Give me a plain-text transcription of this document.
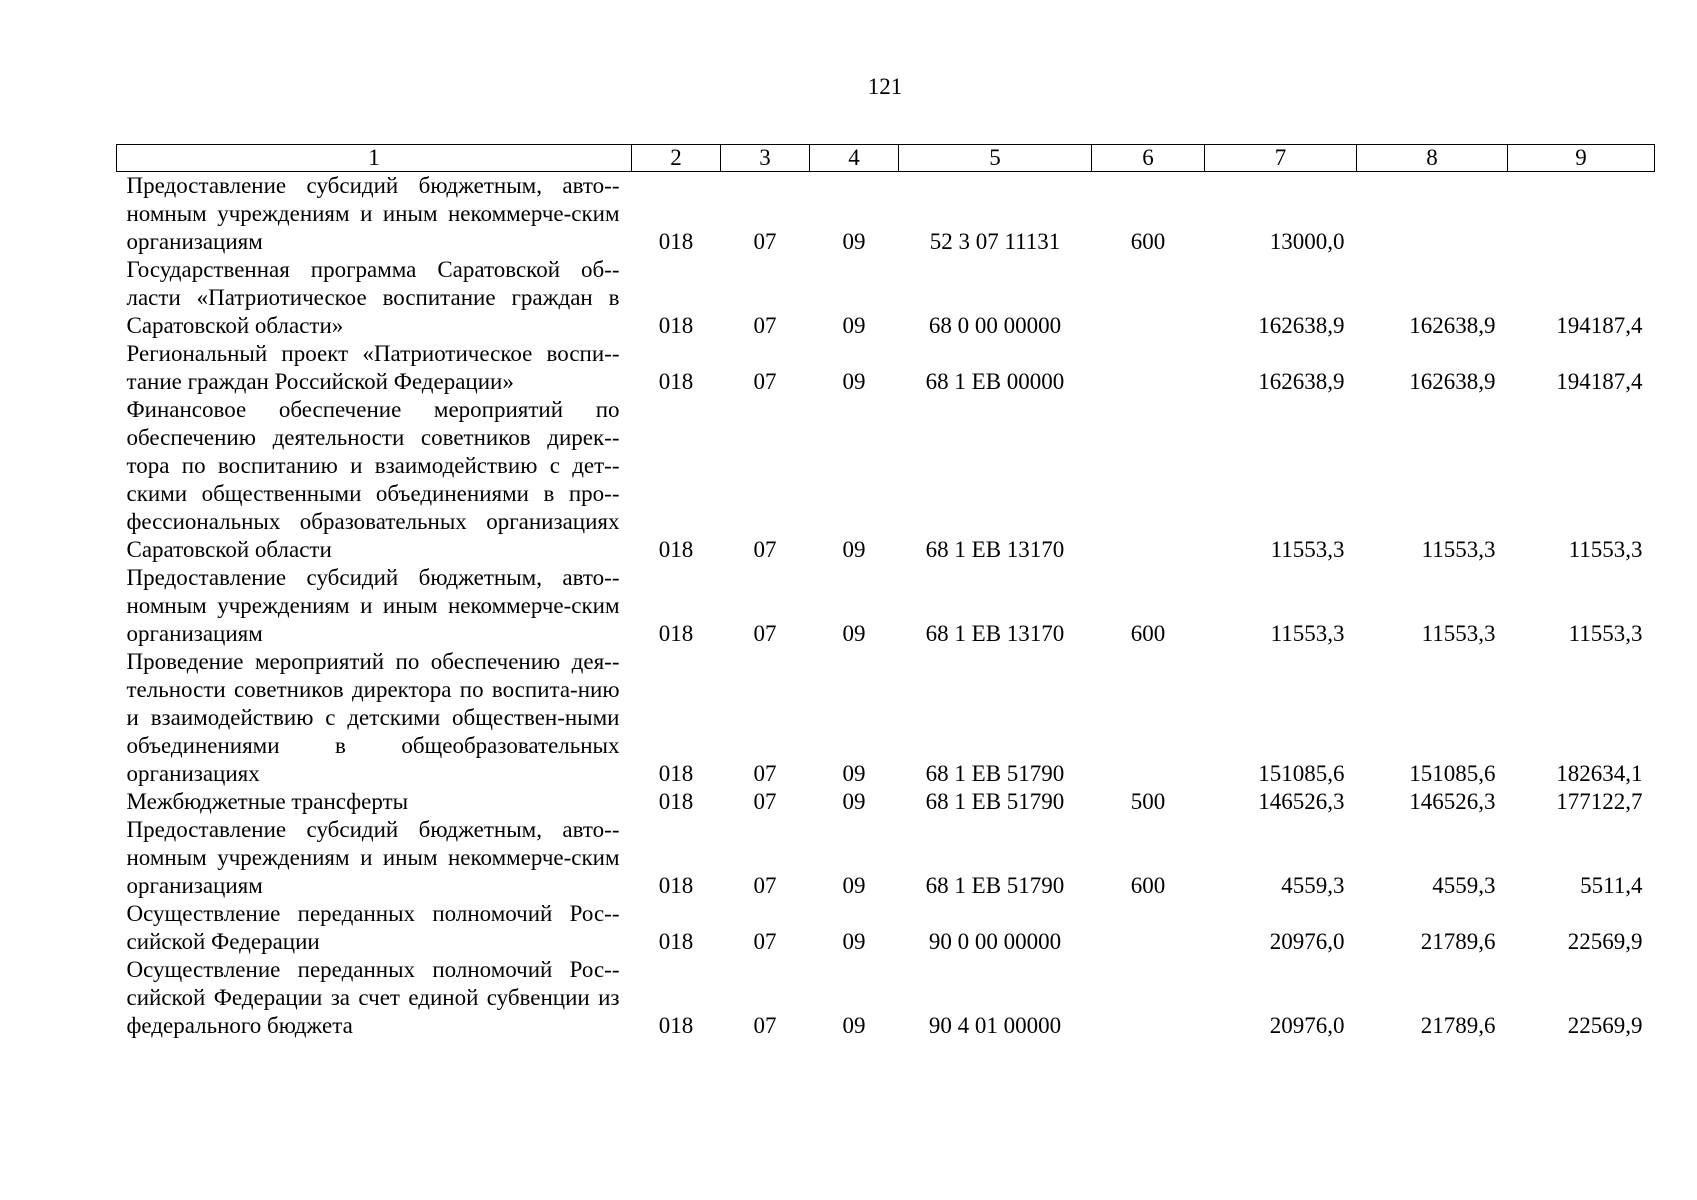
121
1	2	3	4	5	6	7	8	9
Предоставление субсидий бюджетным, авто-номным учреждениям и иным некоммерче-ским организациям	018	07	09	52 3 07 11131	600	13000,0		
Государственная программа Саратовской об-ласти «Патриотическое воспитание граждан в Саратовской области»	018	07	09	68 0 00 00000		162638,9	162638,9	194187,4
Региональный проект «Патриотическое воспи-тание граждан Российской Федерации»	018	07	09	68 1 EB 00000		162638,9	162638,9	194187,4
Финансовое обеспечение мероприятий по обеспечению деятельности советников дирек-тора по воспитанию и взаимодействию с дет-скими общественными объединениями в про-фессиональных образовательных организациях Саратовской области	018	07	09	68 1 EB 13170		11553,3	11553,3	11553,3
Предоставление субсидий бюджетным, авто-номным учреждениям и иным некоммерче-ским организациям	018	07	09	68 1 EB 13170	600	11553,3	11553,3	11553,3
Проведение мероприятий по обеспечению дея-тельности советников директора по воспита-нию и взаимодействию с детскими обществен-ными объединениями в общеобразовательных организациях	018	07	09	68 1 EB 51790		151085,6	151085,6	182634,1
Межбюджетные трансферты	018	07	09	68 1 EB 51790	500	146526,3	146526,3	177122,7
Предоставление субсидий бюджетным, авто-номным учреждениям и иным некоммерче-ским организациям	018	07	09	68 1 EB 51790	600	4559,3	4559,3	5511,4
Осуществление переданных полномочий Рос-сийской Федерации	018	07	09	90 0 00 00000		20976,0	21789,6	22569,9
Осуществление переданных полномочий Рос-сийской Федерации за счет единой субвенции из федерального бюджета	018	07	09	90 4 01 00000		20976,0	21789,6	22569,9
